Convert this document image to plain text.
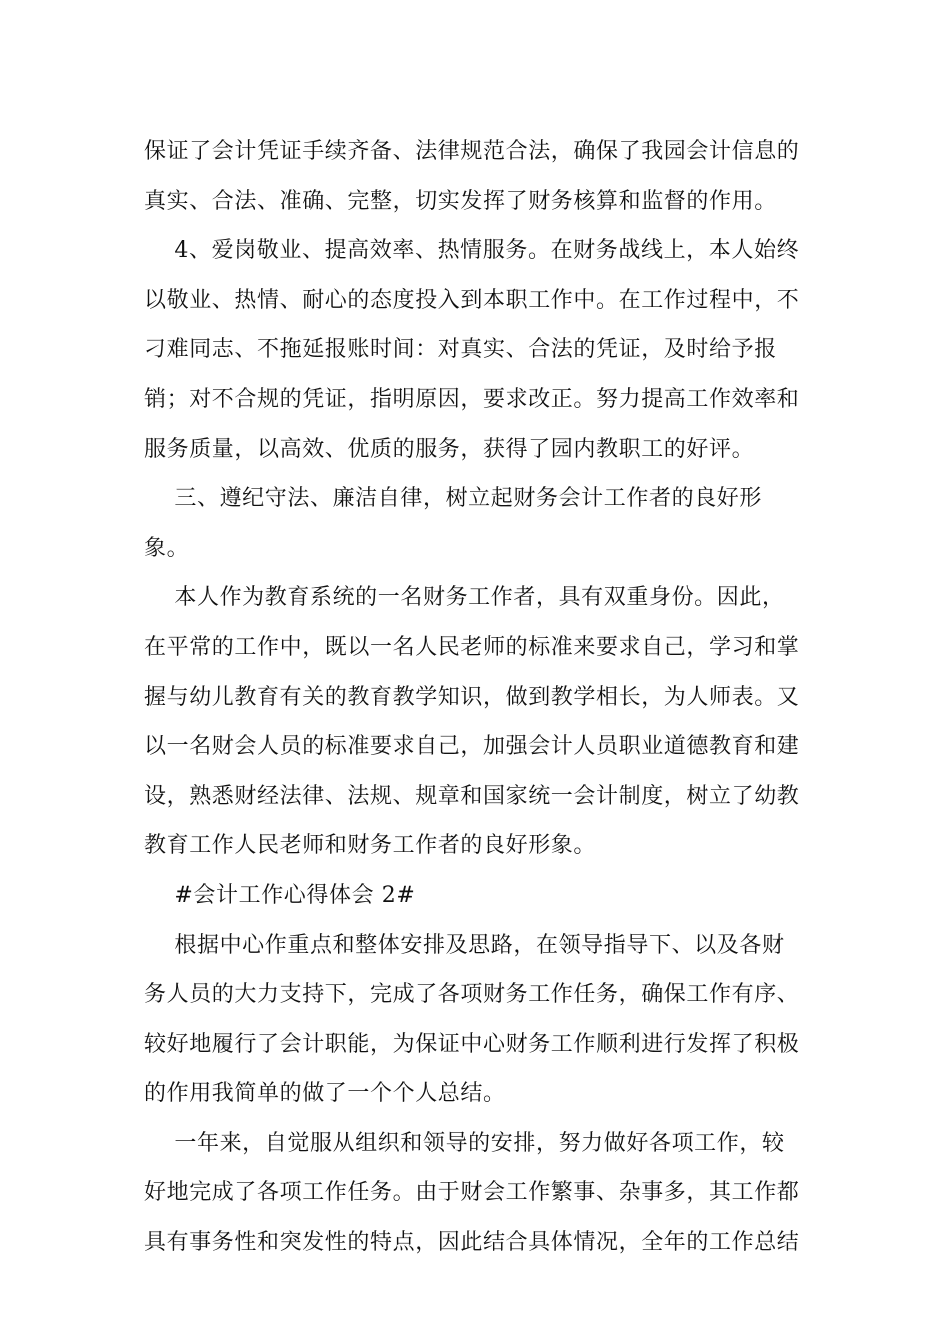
保证了会计凭证手续齐备、法律规范合法，确保了我园会计信息的真实、合法、准确、完整，切实发挥了财务核算和监督的作用。

4、爱岗敬业、提高效率、热情服务。在财务战线上，本人始终以敬业、热情、耐心的态度投入到本职工作中。在工作过程中，不刁难同志、不拖延报账时间：对真实、合法的凭证，及时给予报销；对不合规的凭证，指明原因，要求改正。努力提高工作效率和服务质量，以高效、优质的服务，获得了园内教职工的好评。

三、遵纪守法、廉洁自律，树立起财务会计工作者的良好形象。

本人作为教育系统的一名财务工作者，具有双重身份。因此，在平常的工作中，既以一名人民老师的标准来要求自己，学习和掌握与幼儿教育有关的教育教学知识，做到教学相长，为人师表。又以一名财会人员的标准要求自己，加强会计人员职业道德教育和建设，熟悉财经法律、法规、规章和国家统一会计制度，树立了幼教教育工作人民老师和财务工作者的良好形象。

#会计工作心得体会 2#

根据中心作重点和整体安排及思路，在领导指导下、以及各财务人员的大力支持下，完成了各项财务工作任务，确保工作有序、较好地履行了会计职能，为保证中心财务工作顺利进行发挥了积极的作用我简单的做了一个个人总结。

一年来，自觉服从组织和领导的安排，努力做好各项工作，较好地完成了各项工作任务。由于财会工作繁事、杂事多，其工作都具有事务性和突发性的特点，因此结合具体情况，全年的工作总结
